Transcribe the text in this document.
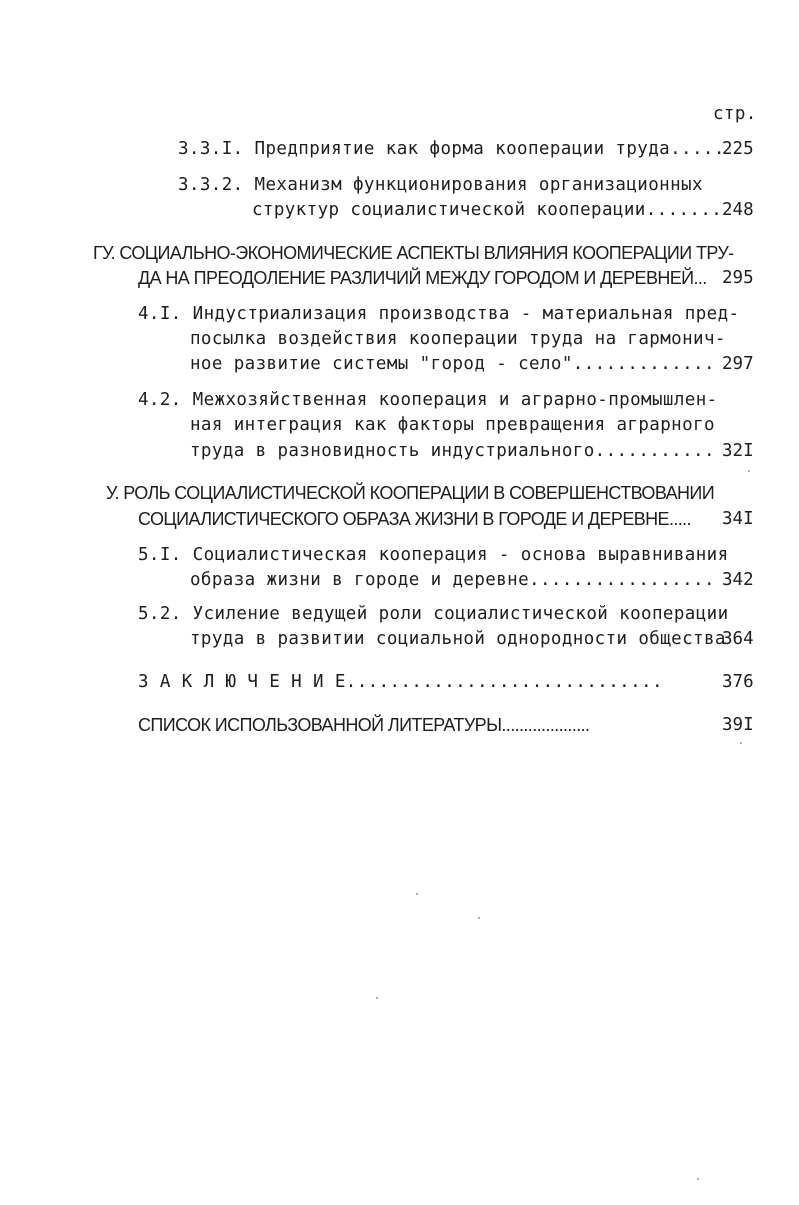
стр.
3.3.I. Предприятие как форма кооперации труда.....
225
3.3.2. Механизм функционирования организационных
структур социалистической кооперации....... 248
ГУ. СОЦИАЛЬНО-ЭКОНОМИЧЕСКИЕ АСПЕКТЫ ВЛИЯНИЯ КООПЕРАЦИИ ТРУ-
ДА НА ПРЕОДОЛЕНИЕ РАЗЛИЧИЙ МЕЖДУ ГОРОДОМ И ДЕРЕВНЕЙ... 295
4.I. Индустриализация производства - материальная пред-
посылка воздействия кооперации труда на гармонич-
ное развитие системы "город - село"............. 297
4.2. Межхозяйственная кооперация и аграрно-промышлен-
ная интеграция как факторы превращения аграрного
труда в разновидность индустриального........... 32I
У. РОЛЬ СОЦИАЛИСТИЧЕСКОЙ КООПЕРАЦИИ В СОВЕРШЕНСТВОВАНИИ
СОЦИАЛИСТИЧЕСКОГО ОБРАЗА ЖИЗНИ В ГОРОДЕ И ДЕРЕВНЕ..... 34I
5.I. Социалистическая кооперация - основа выравнивания
образа жизни в городе и деревне................. 342
5.2. Усиление ведущей роли социалистической кооперации
труда в развитии социальной однородности общества
364
З А К Л Ю Ч Е Н И Е.............................	376
СПИСОК ИСПОЛЬЗОВАННОЙ ЛИТЕРАТУРЫ....................	39I
